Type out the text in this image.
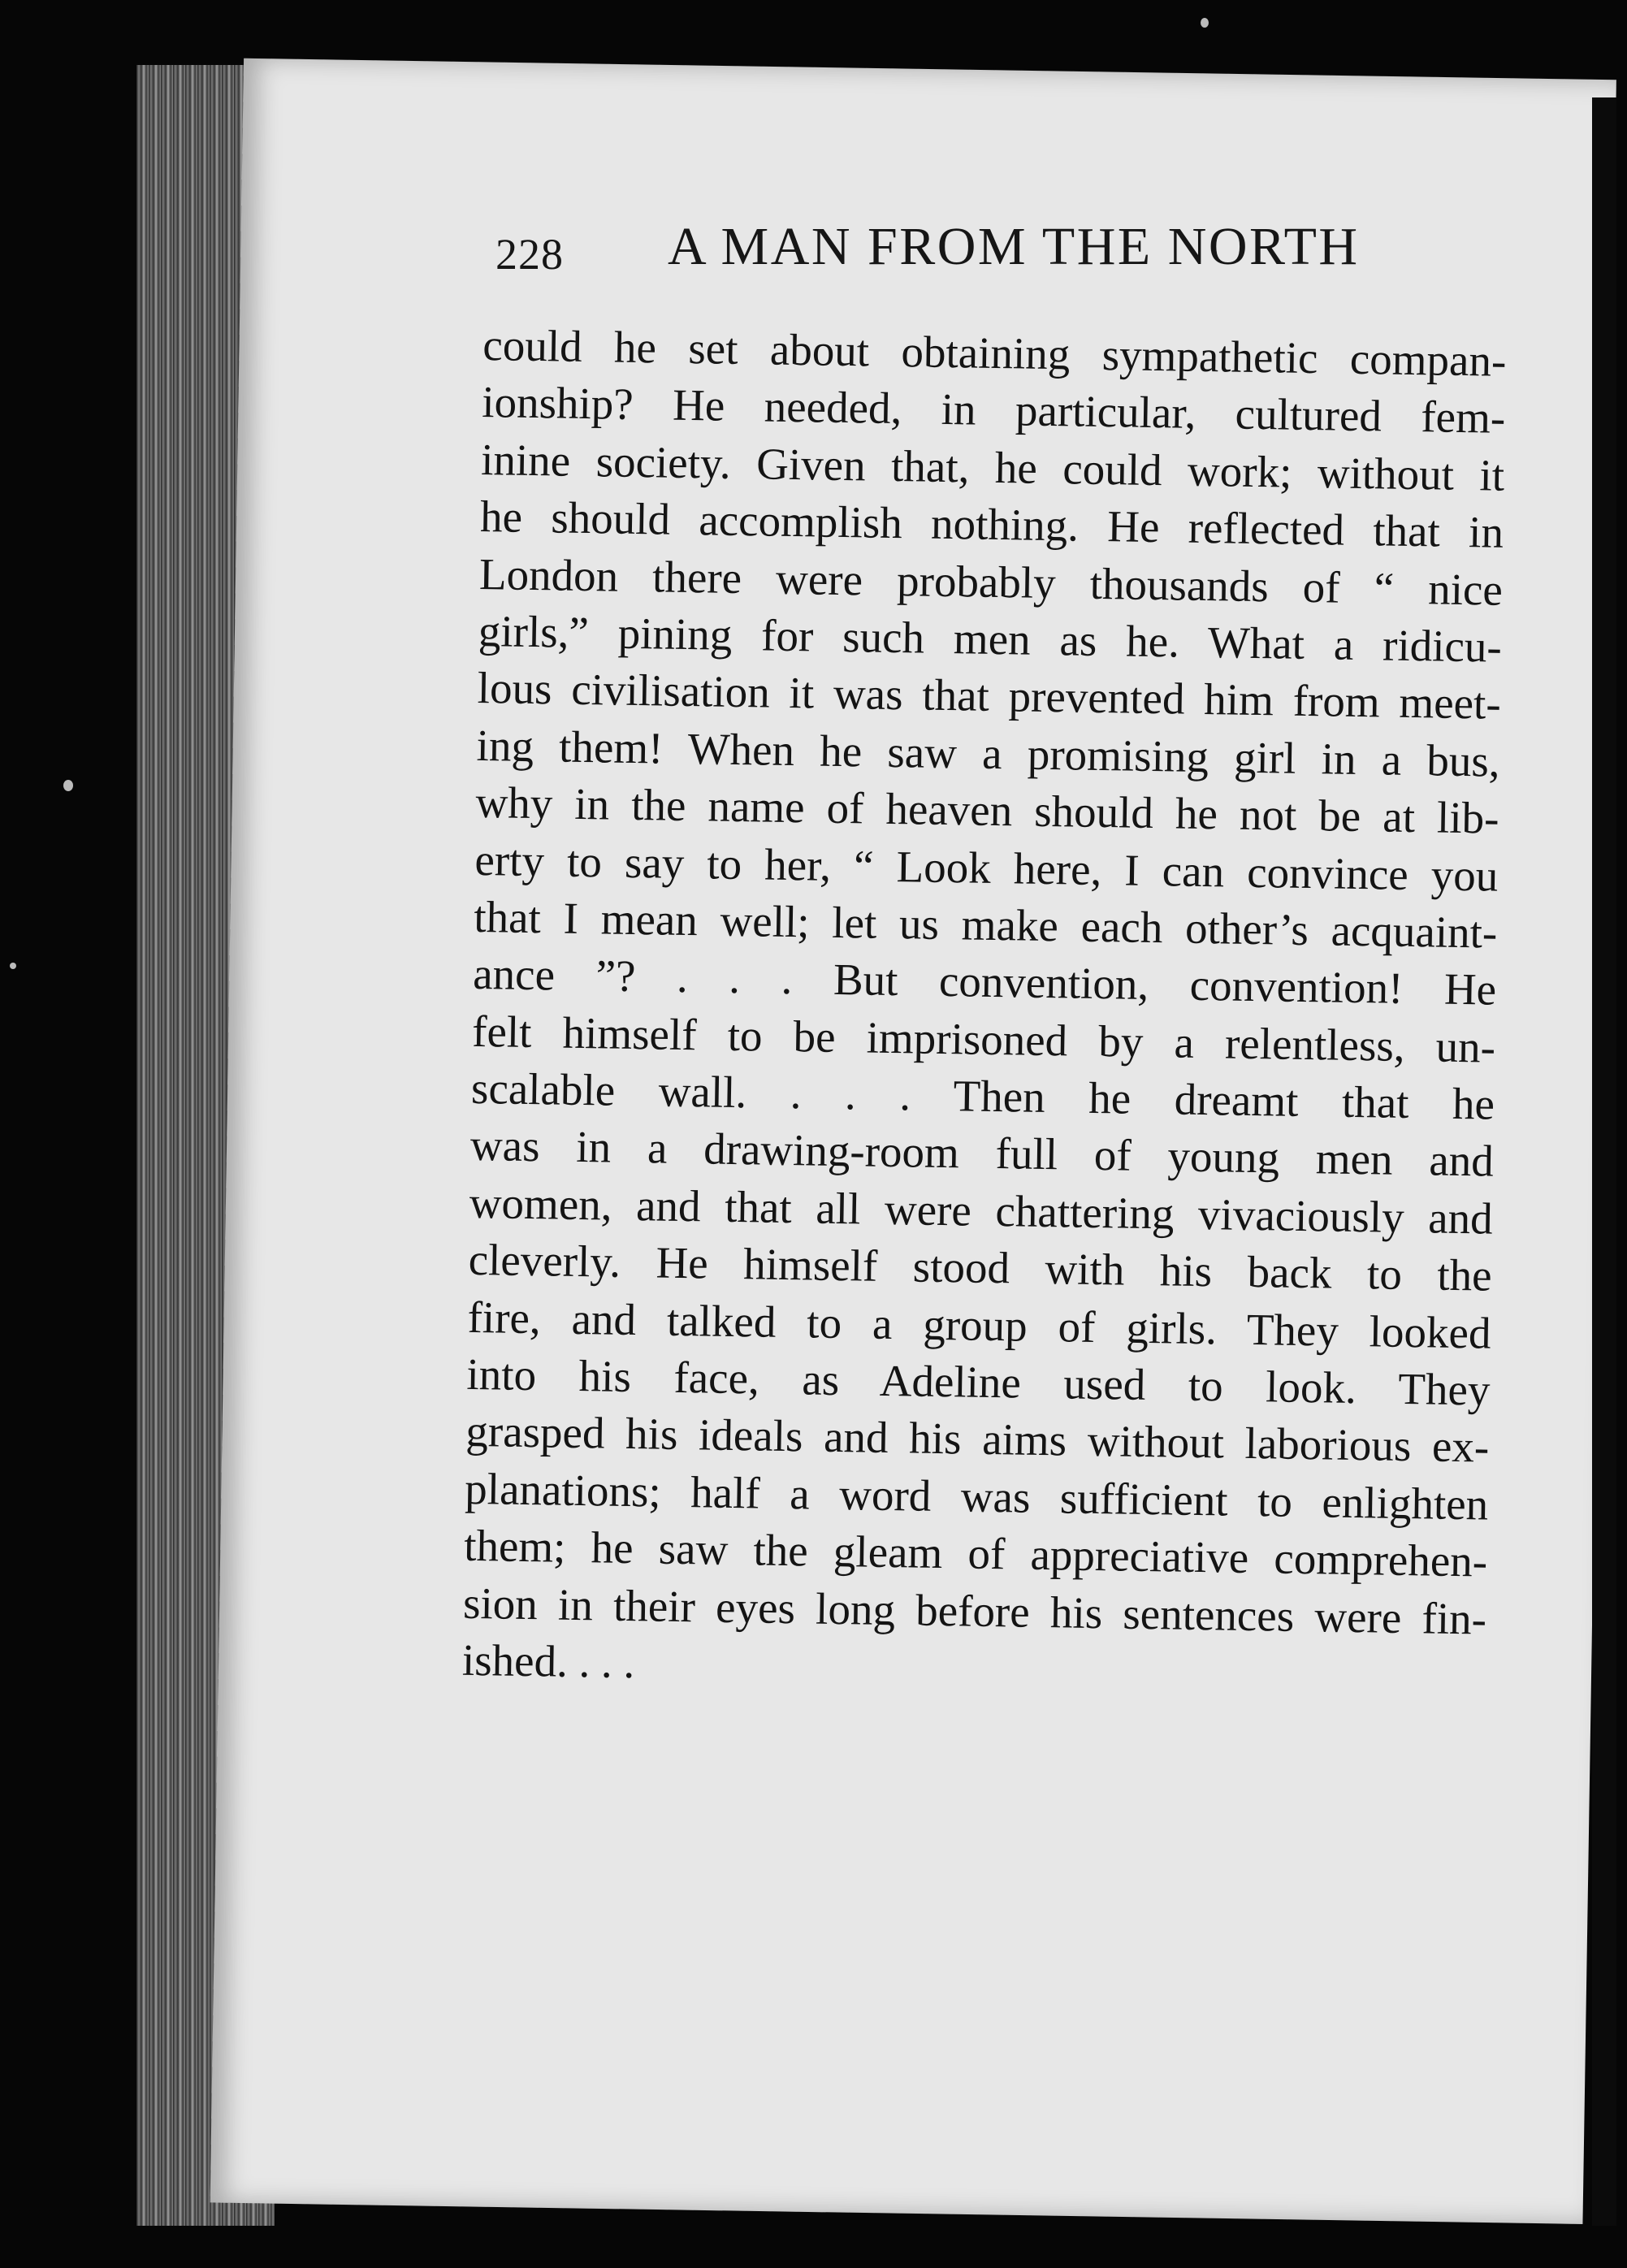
228 A MAN FROM THE NORTH
could he set about obtaining sympathetic compan-
ionship? He needed, in particular, cultured fem-
inine society. Given that, he could work; without it
he should accomplish nothing. He reflected that in
London there were probably thousands of “ nice
girls,” pining for such men as he. What a ridicu-
lous civilisation it was that prevented him from meet-
ing them! When he saw a promising girl in a bus,
why in the name of heaven should he not be at lib-
erty to say to her, “ Look here, I can convince you
that I mean well; let us make each other’s acquaint-
ance ”? . . . But convention, convention! He
felt himself to be imprisoned by a relentless, un-
scalable wall. . . . Then he dreamt that he
was in a drawing-room full of young men and
women, and that all were chattering vivaciously and
cleverly. He himself stood with his back to the
fire, and talked to a group of girls. They looked
into his face, as Adeline used to look. They
grasped his ideals and his aims without laborious ex-
planations; half a word was sufficient to enlighten
them; he saw the gleam of appreciative comprehen-
sion in their eyes long before his sentences were fin-
ished. . . .
